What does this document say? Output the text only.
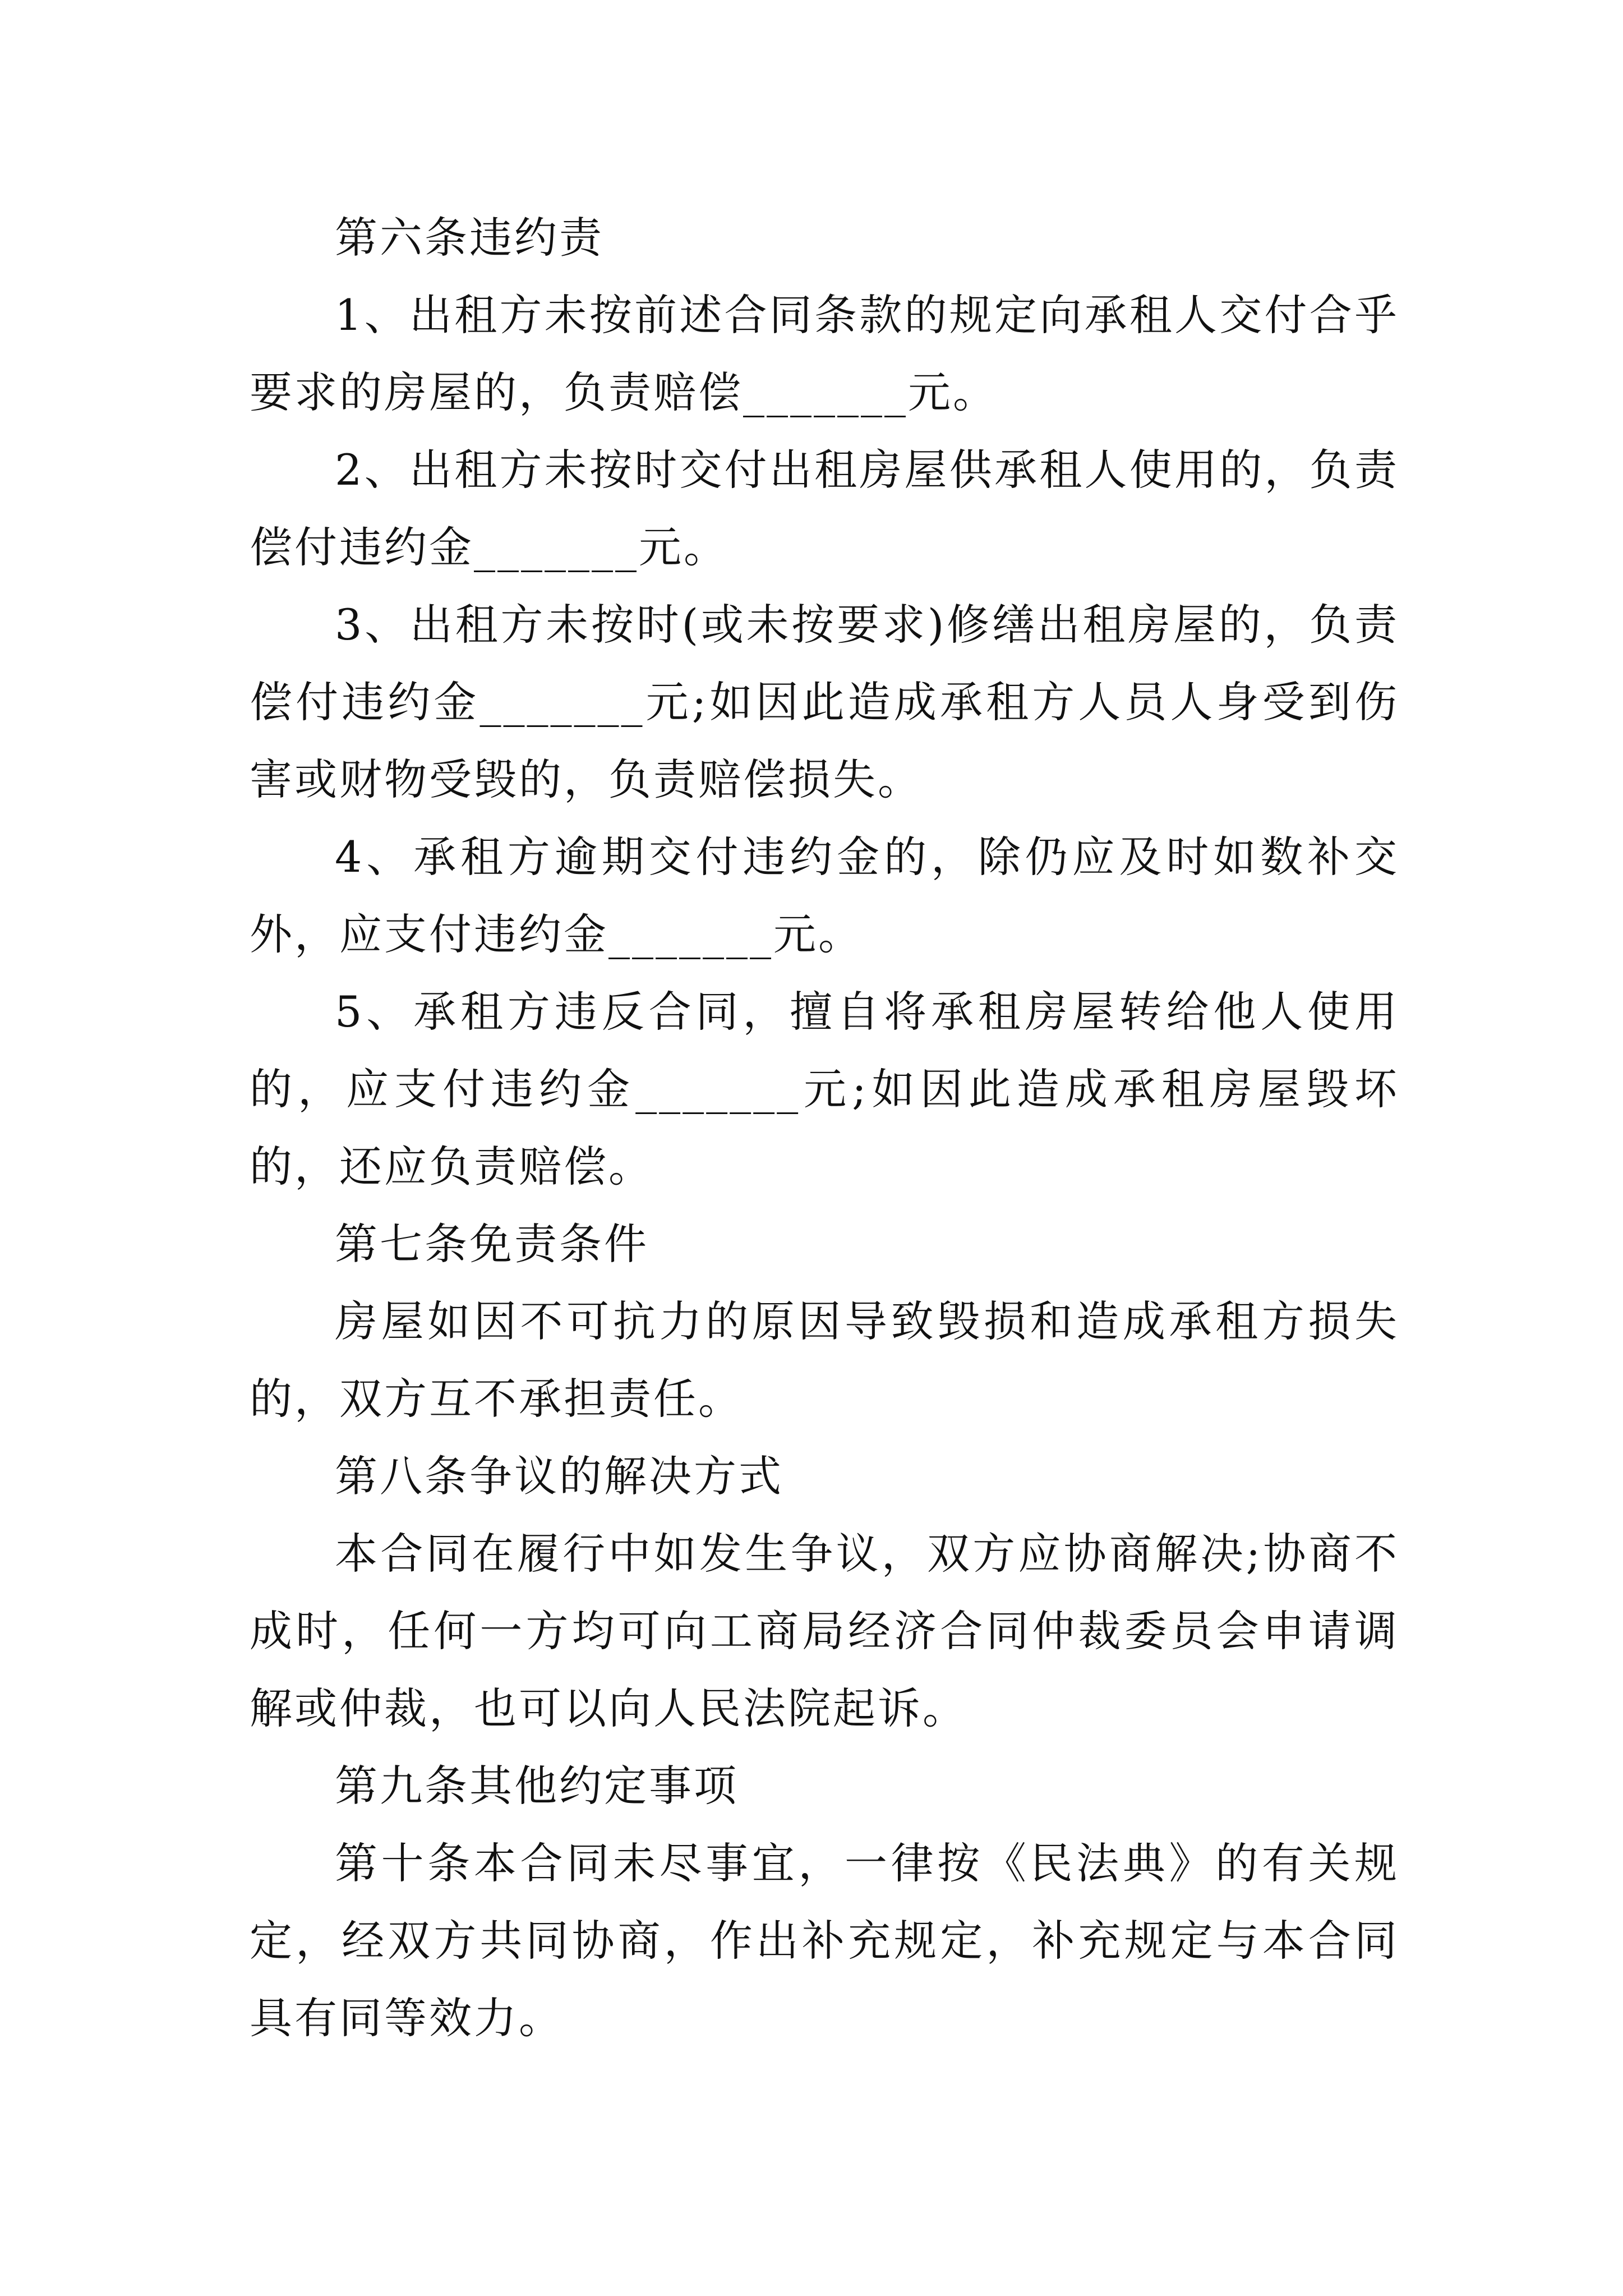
第六条违约责

1、出租方未按前述合同条款的规定向承租人交付合乎要求的房屋的，负责赔偿_______元。

2、出租方未按时交付出租房屋供承租人使用的，负责偿付违约金_______元。

3、出租方未按时(或未按要求)修缮出租房屋的，负责偿付违约金_______元;如因此造成承租方人员人身受到伤害或财物受毁的，负责赔偿损失。

4、承租方逾期交付违约金的，除仍应及时如数补交外，应支付违约金_______元。

5、承租方违反合同，擅自将承租房屋转给他人使用的，应支付违约金_______元;如因此造成承租房屋毁坏的，还应负责赔偿。

第七条免责条件

房屋如因不可抗力的原因导致毁损和造成承租方损失的，双方互不承担责任。

第八条争议的解决方式

本合同在履行中如发生争议，双方应协商解决;协商不成时，任何一方均可向工商局经济合同仲裁委员会申请调解或仲裁，也可以向人民法院起诉。

第九条其他约定事项

第十条本合同未尽事宜，一律按《民法典》的有关规定，经双方共同协商，作出补充规定，补充规定与本合同具有同等效力。
